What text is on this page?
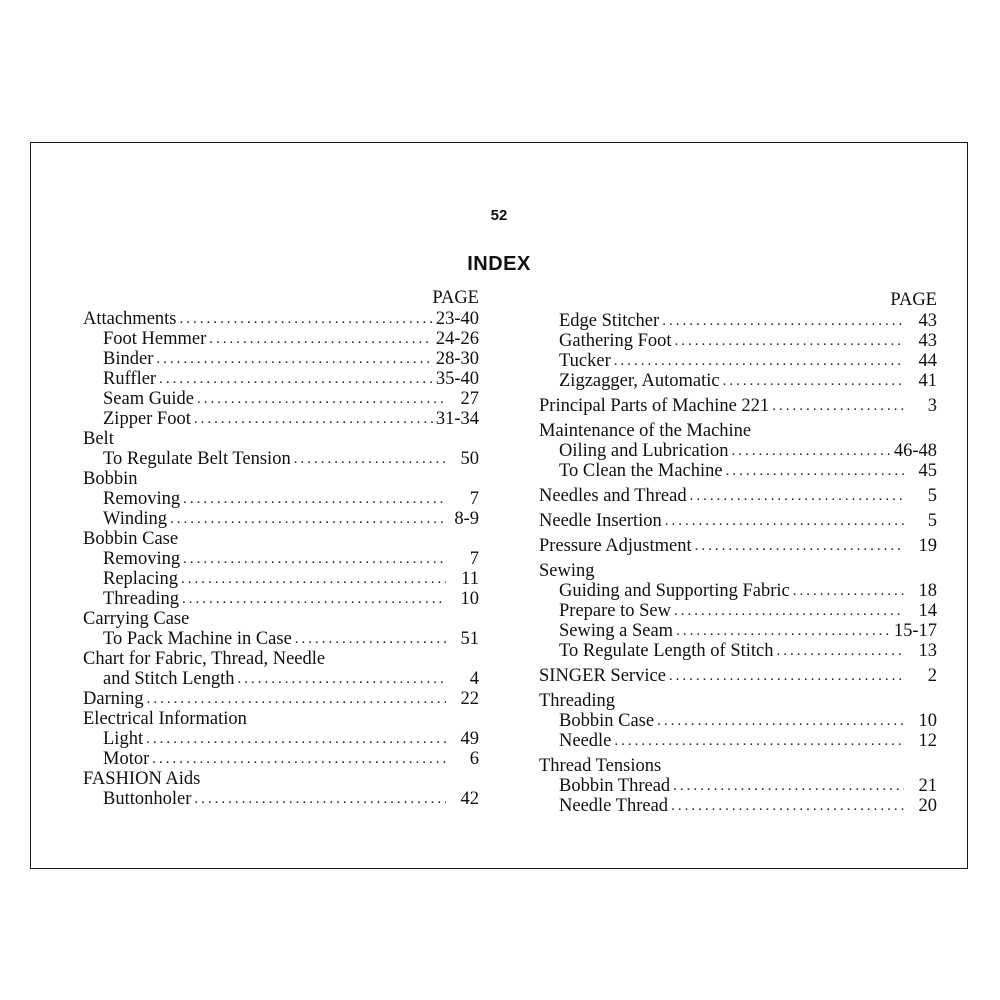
52
INDEX
PAGE
Attachments .....	23-40
Foot Hemmer .....	24-26
Binder .....	28-30
Ruffler .....	35-40
Seam Guide .....	27
Zipper Foot .....	31-34
Belt
To Regulate Belt Tension .....	50
Bobbin
Removing .....	7
Winding .....	8-9
Bobbin Case
Removing .....	7
Replacing .....	11
Threading .....	10
Carrying Case
To Pack Machine in Case .....	51
Chart for Fabric, Thread, Needle
and Stitch Length .....	4
Darning .....	22
Electrical Information
Light .....	49
Motor .....	6
FASHION Aids
Buttonholer .....	42
PAGE
Edge Stitcher .....	43
Gathering Foot .....	43
Tucker .....	44
Zigzagger, Automatic .....	41
Principal Parts of Machine 221 .....	3
Maintenance of the Machine
Oiling and Lubrication .....	46-48
To Clean the Machine .....	45
Needles and Thread .....	5
Needle Insertion .....	5
Pressure Adjustment .....	19
Sewing
Guiding and Supporting Fabric .....	18
Prepare to Sew .....	14
Sewing a Seam .....	15-17
To Regulate Length of Stitch .....	13
SINGER Service .....	2
Threading
Bobbin Case .....	10
Needle .....	12
Thread Tensions
Bobbin Thread .....	21
Needle Thread .....	20
